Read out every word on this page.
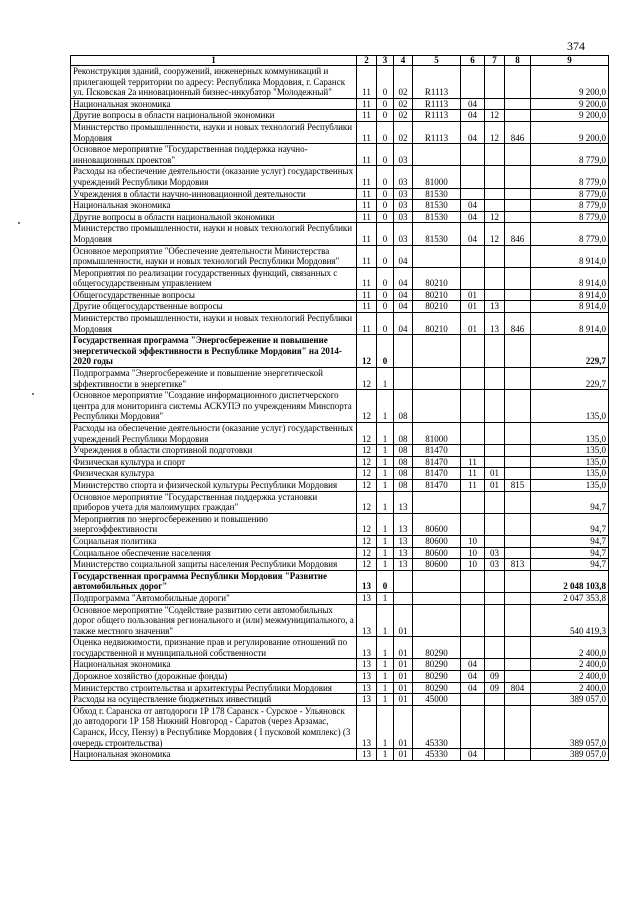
374
1	2	3	4	5	6	7	8	9
Реконструкция зданий, сооружений, инженерных коммуникаций и прилегающей территории по адресу: Республика Мордовия, г. Саранск ул. Псковская 2а инновационный бизнес-инкубатор "Молодежный"	11	0	02	R1113				9 200,0
Национальная экономика	11	0	02	R1113	04			9 200,0
Другие вопросы в области национальной экономики	11	0	02	R1113	04	12		9 200,0
Министерство промышленности, науки и новых технологий Республики Мордовия	11	0	02	R1113	04	12	846	9 200,0
Основное мероприятие "Государственная поддержка научно-инновационных проектов"	11	0	03					8 779,0
Расходы на обеспечение деятельности (оказание услуг) государственных учреждений Республики Мордовия	11	0	03	81000				8 779,0
Учреждения в области научно-инновационной деятельности	11	0	03	81530				8 779,0
Национальная экономика	11	0	03	81530	04			8 779,0
Другие вопросы в области национальной экономики	11	0	03	81530	04	12		8 779,0
Министерство промышленности, науки и новых технологий Республики Мордовия	11	0	03	81530	04	12	846	8 779,0
Основное мероприятие "Обеспечение деятельности Министерства промышленности, науки и новых технологий Республики Мордовия"	11	0	04					8 914,0
Мероприятия по реализации государственных функций, связанных с общегосударственным управлением	11	0	04	80210				8 914,0
Общегосударственные вопросы	11	0	04	80210	01			8 914,0
Другие общегосударственные вопросы	11	0	04	80210	01	13		8 914,0
Министерство промышленности, науки и новых технологий Республики Мордовия	11	0	04	80210	01	13	846	8 914,0
Государственная программа "Энергосбережение и повышение энергетической эффективности в Республике Мордовия" на 2014-2020 годы	12	0						229,7
Подпрограмма "Энергосбережение и повышение энергетической эффективности в энергетике"	12	1						229,7
Основное мероприятие "Создание информационного диспетчерского центра для мониторинга системы АСКУПЭ по учреждениям Минспорта Республики Мордовия"	12	1	08					135,0
Расходы на обеспечение деятельности (оказание услуг) государственных учреждений Республики Мордовия	12	1	08	81000				135,0
Учреждения в области спортивной подготовки	12	1	08	81470				135,0
Физическая культура и спорт	12	1	08	81470	11			135,0
Физическая культура	12	1	08	81470	11	01		135,0
Министерство спорта и физической культуры Республики Мордовия	12	1	08	81470	11	01	815	135,0
Основное мероприятие "Государственная поддержка установки приборов учета для малоимущих граждан"	12	1	13					94,7
Мероприятия по энергосбережению и повышению энергоэффективности	12	1	13	80600				94,7
Социальная политика	12	1	13	80600	10			94,7
Социальное обеспечение населения	12	1	13	80600	10	03		94,7
Министерство социальной защиты населения Республики Мордовия	12	1	13	80600	10	03	813	94,7
Государственная программа Республики Мордовия "Развитие автомобильных дорог"	13	0						2 048 103,8
Подпрограмма "Автомобильные дороги"	13	1						2 047 353,8
Основное мероприятие "Содействие развитию сети автомобильных дорог общего пользования регионального и (или) межмуниципального, а также местного значения"	13	1	01					540 419,3
Оценка недвижимости, признание прав и регулирование отношений по государственной и муниципальной собственности	13	1	01	80290				2 400,0
Национальная экономика	13	1	01	80290	04			2 400,0
Дорожное хозяйство (дорожные фонды)	13	1	01	80290	04	09		2 400,0
Министерство строительства и архитектуры Республики Мордовия	13	1	01	80290	04	09	804	2 400,0
Расходы на осуществление бюджетных инвестиций	13	1	01	45000				389 057,0
Обход г. Саранска от автодороги 1Р 178 Саранск - Сурское - Ульяновск до автодороги 1Р 158 Нижний Новгород - Саратов (через Арзамас, Саранск, Исcу, Пензу) в Республике Мордовия ( I пусковой комплекс) (3 очередь строительства)	13	1	01	45330				389 057,0
Национальная экономика	13	1	01	45330	04			389 057,0
